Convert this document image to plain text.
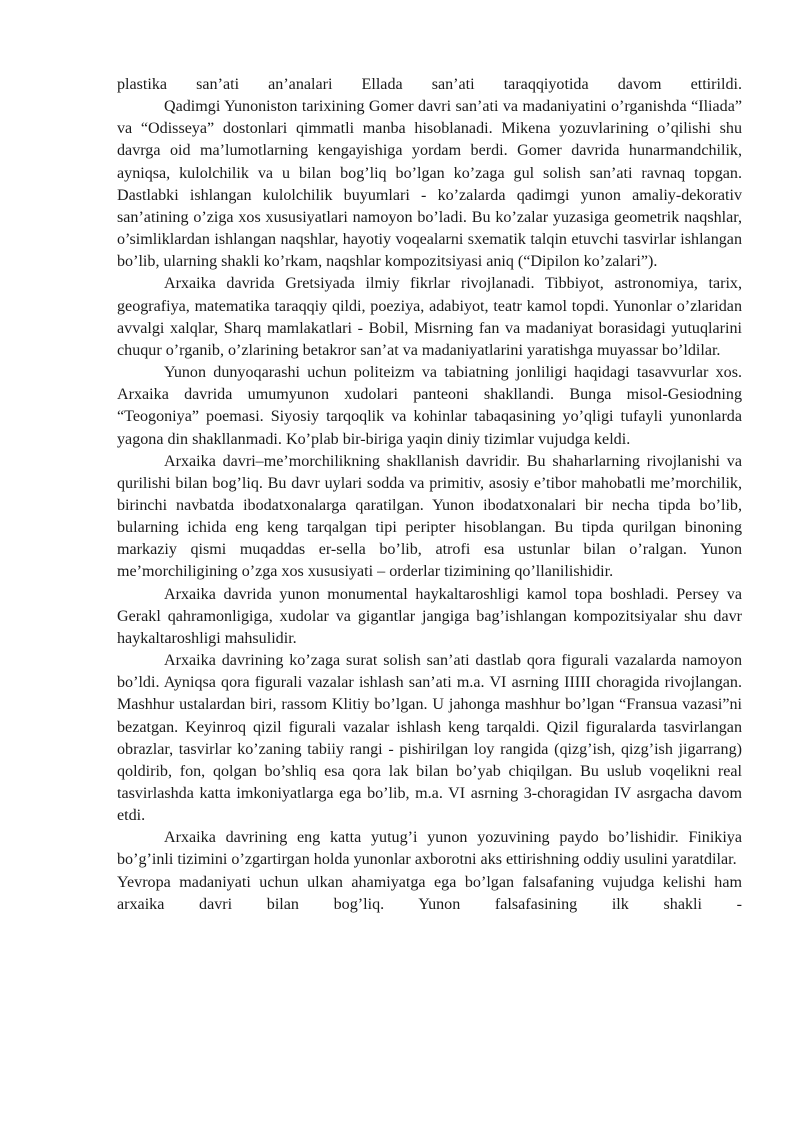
plastika san’ati an’analari Ellada san’ati taraqqiyotida davom ettirildi.

Qadimgi Yunoniston tarixining Gomer davri san’ati va madaniyatini o’rganishda “Iliada” va “Odisseya” dostonlari qimmatli manba hisoblanadi. Mikena yozuvlarining o’qilishi shu davrga oid ma’lumotlarning kengayishiga yordam berdi. Gomer davrida hunarmandchilik, ayniqsa, kulolchilik va u bilan bog’liq bo’lgan ko’zaga gul solish san’ati ravnaq topgan. Dastlabki ishlangan kulolchilik buyumlari - ko’zalarda qadimgi yunon amaliy-dekorativ san’atining o’ziga xos xususiyatlari namoyon bo’ladi. Bu ko’zalar yuzasiga geometrik naqshlar, o’simliklardan ishlangan naqshlar, hayotiy voqealarni sxematik talqin etuvchi tasvirlar ishlangan bo’lib, ularning shakli ko’rkam, naqshlar kompozitsiyasi aniq (“Dipilon ko’zalari”).

Arxaika davrida Gretsiyada ilmiy fikrlar rivojlanadi. Tibbiyot, astronomiya, tarix, geografiya, matematika taraqqiy qildi, poeziya, adabiyot, teatr kamol topdi. Yunonlar o’zlaridan avvalgi xalqlar, Sharq mamlakatlari - Bobil, Misrning fan va madaniyat borasidagi yutuqlarini chuqur o’rganib, o’zlarining betakror san’at va madaniyatlarini yaratishga muyassar bo’ldilar.

Yunon dunyoqarashi uchun politeizm va tabiatning jonliligi haqidagi tasavvurlar xos. Arxaika davrida umumyunon xudolari panteoni shakllandi. Bunga misol-Gesiodning “Teogoniya” poemasi. Siyosiy tarqoqlik va kohinlar tabaqasining yo’qligi tufayli yunonlarda yagona din shakllanmadi. Ko’plab bir-biriga yaqin diniy tizimlar vujudga keldi.

Arxaika davri–me’morchilikning shakllanish davridir. Bu shaharlarning rivojlanishi va qurilishi bilan bog’liq. Bu davr uylari sodda va primitiv, asosiy e’tibor mahobatli me’morchilik, birinchi navbatda ibodatxonalarga qaratilgan. Yunon ibodatxonalari bir necha tipda bo’lib, bularning ichida eng keng tarqalgan tipi peripter hisoblangan. Bu tipda qurilgan binoning markaziy qismi muqaddas er-sella bo’lib, atrofi esa ustunlar bilan o’ralgan. Yunon me’morchiligining o’zga xos xususiyati – orderlar tizimining qo’llanilishidir.

Arxaika davrida yunon monumental haykaltaroshligi kamol topa boshladi. Persey va Gerakl qahramonligiga, xudolar va gigantlar jangiga bag’ishlangan kompozitsiyalar shu davr haykaltaroshligi mahsulidir.

Arxaika davrining ko’zaga surat solish san’ati dastlab qora figurali vazalarda namoyon bo’ldi. Ayniqsa qora figurali vazalar ishlash san’ati m.a. VI asrning IIIII choragida rivojlangan. Mashhur ustalardan biri, rassom Klitiy bo’lgan. U jahonga mashhur bo’lgan “Fransua vazasi”ni bezatgan. Keyinroq qizil figurali vazalar ishlash keng tarqaldi. Qizil figuralarda tasvirlangan obrazlar, tasvirlar ko’zaning tabiiy rangi - pishirilgan loy rangida (qizg’ish, qizg’ish jigarrang) qoldirib, fon, qolgan bo’shliq esa qora lak bilan bo’yab chiqilgan. Bu uslub voqelikni real tasvirlashda katta imkoniyatlarga ega bo’lib, m.a. VI asrning 3-choragidan IV asrgacha davom etdi.

Arxaika davrining eng katta yutug’i yunon yozuvining paydo bo’lishidir. Finikiya bo’g’inli tizimini o’zgartirgan holda yunonlar axborotni aks ettirishning oddiy usulini yaratdilar.

Yevropa madaniyati uchun ulkan ahamiyatga ega bo’lgan falsafaning vujudga kelishi ham arxaika davri bilan bog’liq. Yunon falsafasining ilk shakli -
